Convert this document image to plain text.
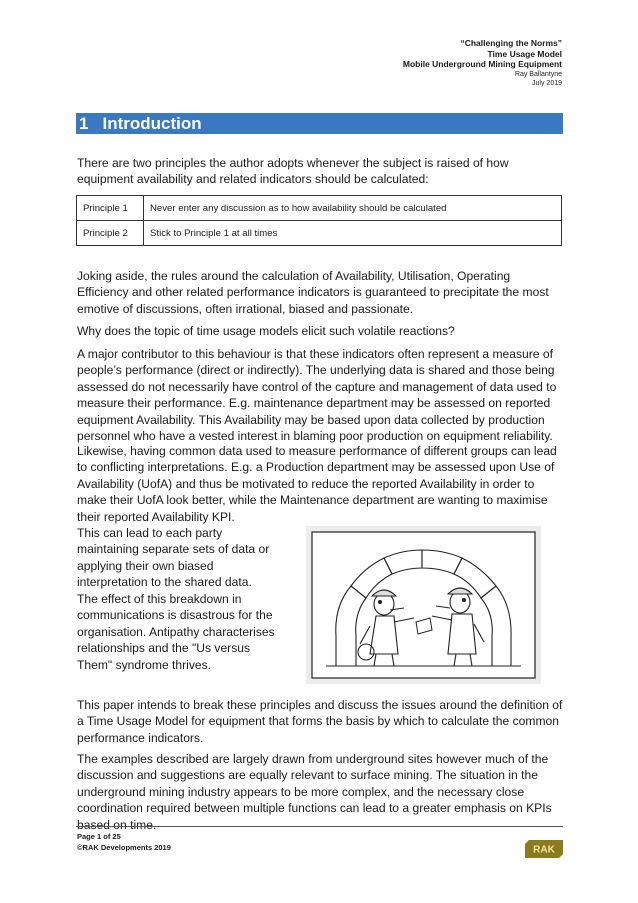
“Challenging the Norms”
Time Usage Model
Mobile Underground Mining Equipment
Ray Ballantyne
July 2019
1 Introduction

There are two principles the author adopts whenever the subject is raised of how equipment availability and related indicators should be calculated:

Principle 1	Never enter any discussion as to how availability should be calculated
Principle 2	Stick to Principle 1 at all times

Joking aside, the rules around the calculation of Availability, Utilisation, Operating Efficiency and other related performance indicators is guaranteed to precipitate the most emotive of discussions, often irrational, biased and passionate.

Why does the topic of time usage models elicit such volatile reactions?

A major contributor to this behaviour is that these indicators often represent a measure of people’s performance (direct or indirectly). The underlying data is shared and those being assessed do not necessarily have control of the capture and management of data used to measure their performance. E.g. maintenance department may be assessed on reported equipment Availability. This Availability may be based upon data collected by production personnel who have a vested interest in blaming poor production on equipment reliability.

Likewise, having common data used to measure performance of different groups can lead to conflicting interpretations. E.g. a Production department may be assessed upon Use of Availability (UofA) and thus be motivated to reduce the reported Availability in order to make their UofA look better, while the Maintenance department are wanting to maximise their reported Availability KPI.

This can lead to each party maintaining separate sets of data or applying their own biased interpretation to the shared data.

The effect of this breakdown in communications is disastrous for the organisation. Antipathy characterises relationships and the "Us versus Them" syndrome thrives.

This paper intends to break these principles and discuss the issues around the definition of a Time Usage Model for equipment that forms the basis by which to calculate the common performance indicators.

The examples described are largely drawn from underground sites however much of the discussion and suggestions are equally relevant to surface mining. The situation in the underground mining industry appears to be more complex, and the necessary close coordination required between multiple functions can lead to a greater emphasis on KPIs based on time.

Page 1 of 25
©RAK Developments 2019	RAK
